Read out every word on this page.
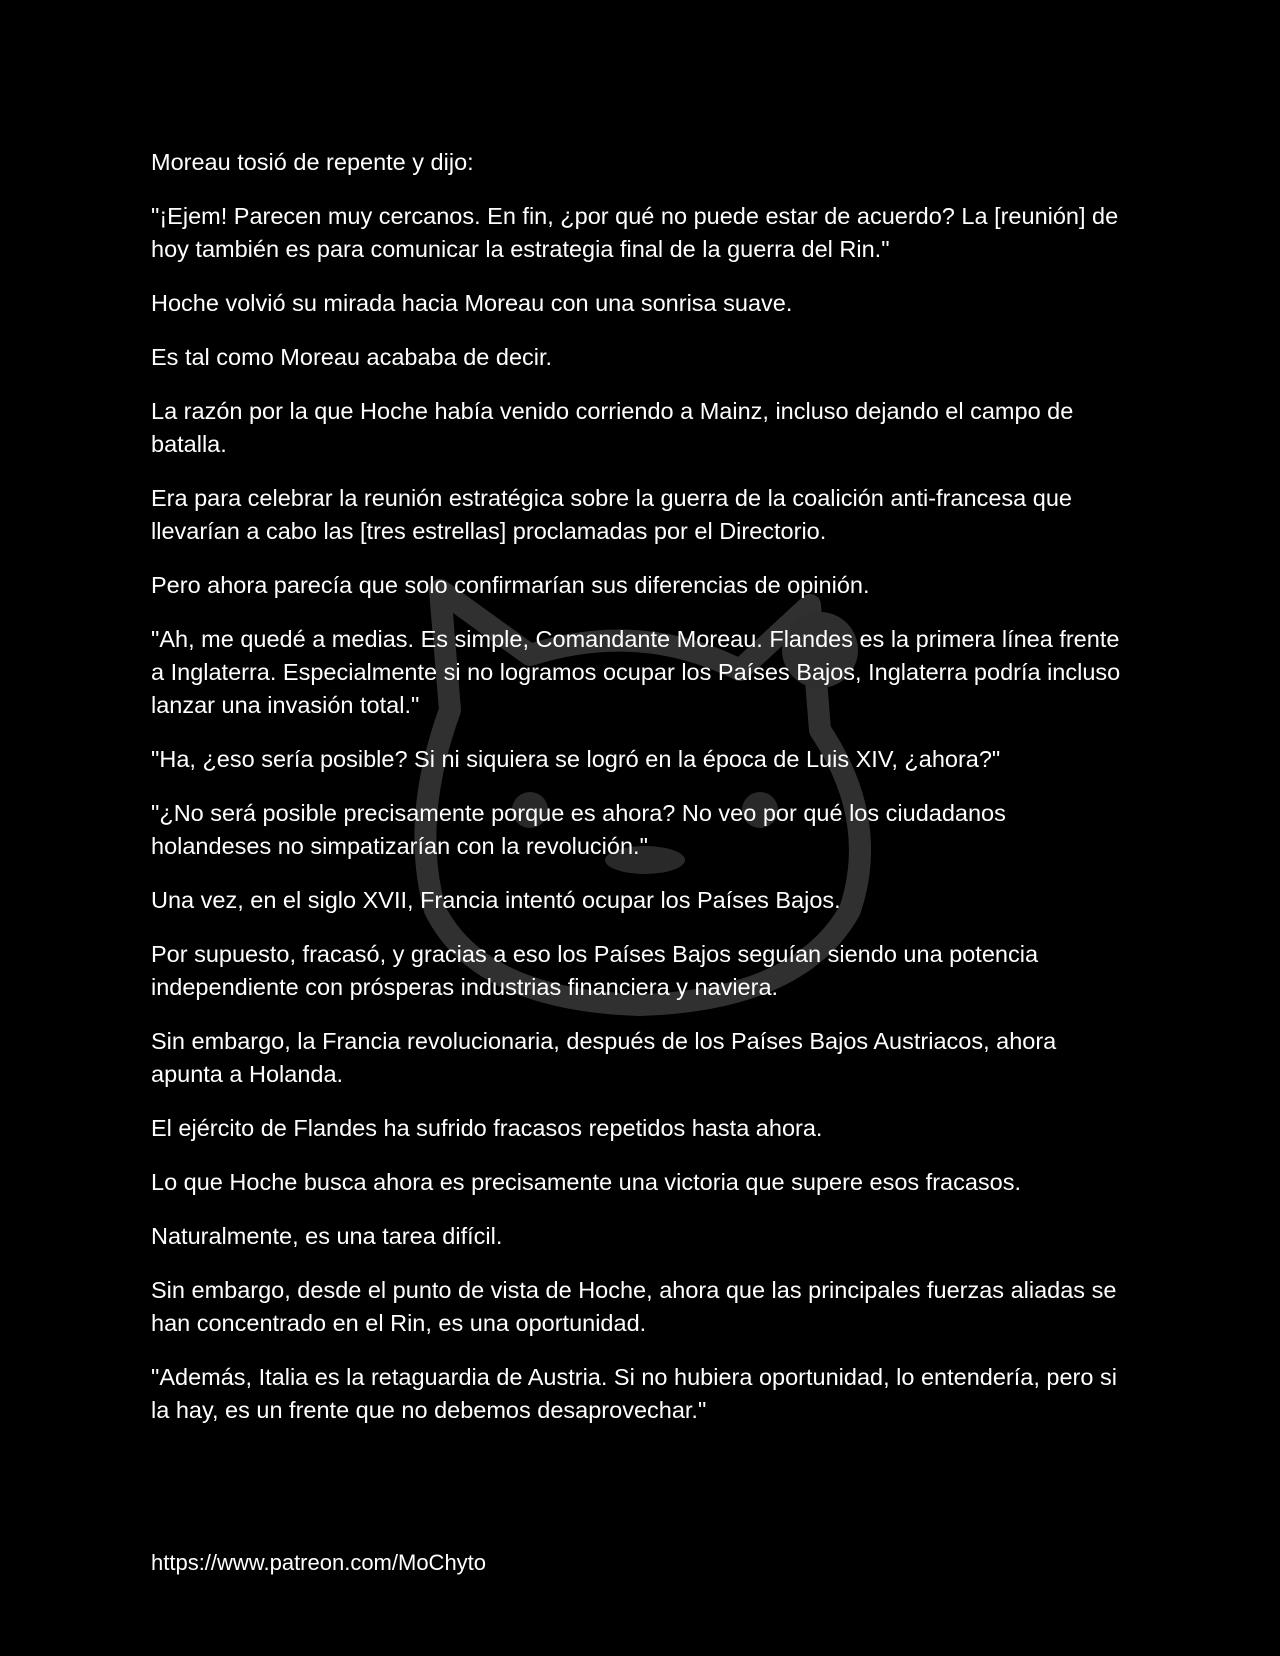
Moreau tosió de repente y dijo:

"¡Ejem! Parecen muy cercanos. En fin, ¿por qué no puede estar de acuerdo? La [reunión] de hoy también es para comunicar la estrategia final de la guerra del Rin."

Hoche volvió su mirada hacia Moreau con una sonrisa suave.

Es tal como Moreau acababa de decir.

La razón por la que Hoche había venido corriendo a Mainz, incluso dejando el campo de batalla.

Era para celebrar la reunión estratégica sobre la guerra de la coalición anti-francesa que llevarían a cabo las [tres estrellas] proclamadas por el Directorio.

Pero ahora parecía que solo confirmarían sus diferencias de opinión.

"Ah, me quedé a medias. Es simple, Comandante Moreau. Flandes es la primera línea frente a Inglaterra. Especialmente si no logramos ocupar los Países Bajos, Inglaterra podría incluso lanzar una invasión total."

"Ha, ¿eso sería posible? Si ni siquiera se logró en la época de Luis XIV, ¿ahora?"

"¿No será posible precisamente porque es ahora? No veo por qué los ciudadanos holandeses no simpatizarían con la revolución."

Una vez, en el siglo XVII, Francia intentó ocupar los Países Bajos.

Por supuesto, fracasó, y gracias a eso los Países Bajos seguían siendo una potencia independiente con prósperas industrias financiera y naviera.

Sin embargo, la Francia revolucionaria, después de los Países Bajos Austriacos, ahora apunta a Holanda.

El ejército de Flandes ha sufrido fracasos repetidos hasta ahora.

Lo que Hoche busca ahora es precisamente una victoria que supere esos fracasos.

Naturalmente, es una tarea difícil.

Sin embargo, desde el punto de vista de Hoche, ahora que las principales fuerzas aliadas se han concentrado en el Rin, es una oportunidad.

"Además, Italia es la retaguardia de Austria. Si no hubiera oportunidad, lo entendería, pero si la hay, es un frente que no debemos desaprovechar."

https://www.patreon.com/MoChyto
